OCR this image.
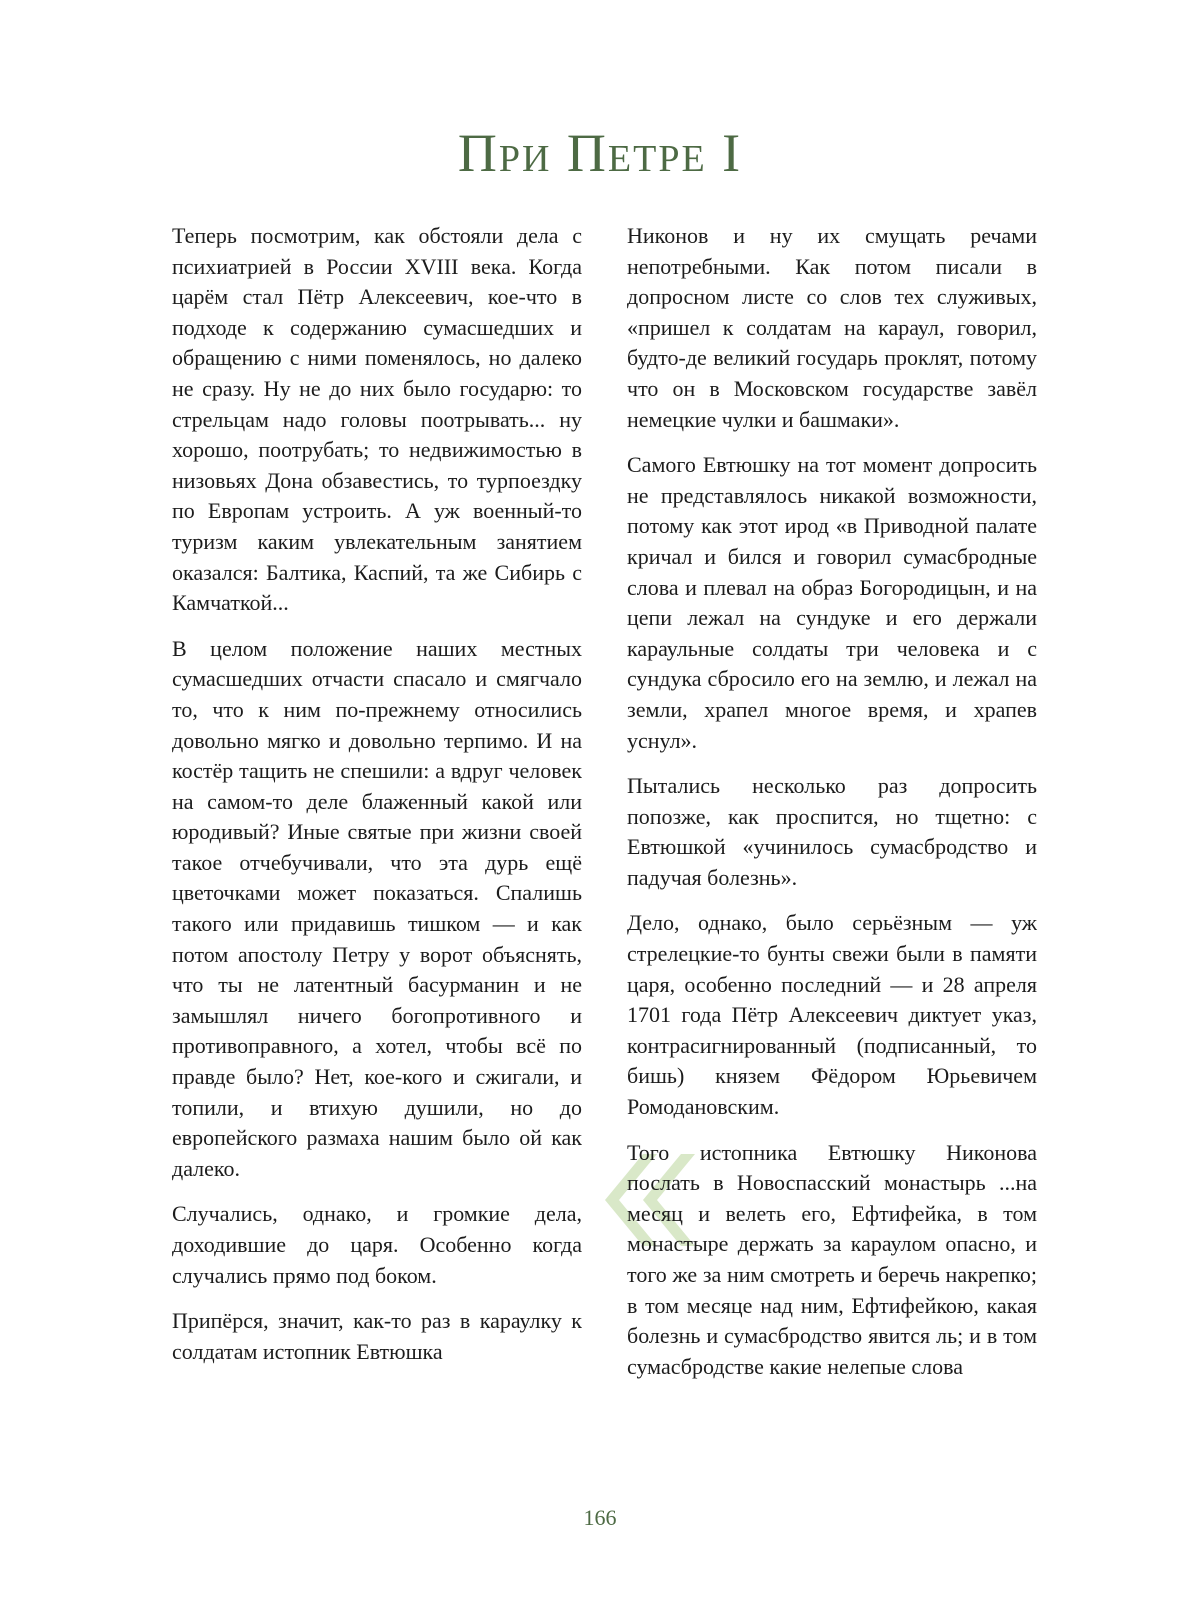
При Петре I

Теперь посмотрим, как обстояли дела с психиатрией в России XVIII века. Когда царём стал Пётр Алексеевич, кое-что в подходе к содержанию сумасшедших и обращению с ними поменялось, но далеко не сразу. Ну не до них было государю: то стрельцам надо головы поотрывать... ну хорошо, поотрубать; то недвижимостью в низовьях Дона обзавестись, то турпоездку по Европам устроить. А уж военный-то туризм каким увлекательным занятием оказался: Балтика, Каспий, та же Сибирь с Камчаткой...

В целом положение наших местных сумасшедших отчасти спасало и смягчало то, что к ним по-прежнему относились довольно мягко и довольно терпимо. И на костёр тащить не спешили: а вдруг человек на самом-то деле блаженный какой или юродивый? Иные святые при жизни своей такое отчебучивали, что эта дурь ещё цветочками может показаться. Спалишь такого или придавишь тишком — и как потом апостолу Петру у ворот объяснять, что ты не латентный басурманин и не замышлял ничего богопротивного и противоправного, а хотел, чтобы всё по правде было? Нет, кое-кого и сжигали, и топили, и втихую душили, но до европейского размаха нашим было ой как далеко.

Случались, однако, и громкие дела, доходившие до царя. Особенно когда случались прямо под боком.

Припёрся, значит, как-то раз в караулку к солдатам истопник Евтюшка

Никонов и ну их смущать речами непотребными. Как потом писали в допросном листе со слов тех служивых, «пришел к солдатам на караул, говорил, будто-де великий государь проклят, потому что он в Московском государстве завёл немецкие чулки и башмаки».

Самого Евтюшку на тот момент допросить не представлялось никакой возможности, потому как этот ирод «в Приводной палате кричал и бился и говорил сумасбродные слова и плевал на образ Богородицын, и на цепи лежал на сундуке и его держали караульные солдаты три человека и с сундука сбросило его на землю, и лежал на земли, храпел многое время, и храпев уснул».

Пытались несколько раз допросить попозже, как проспится, но тщетно: с Евтюшкой «учинилось сумасбродство и падучая болезнь».

Дело, однако, было серьёзным — уж стрелецкие-то бунты свежи были в памяти царя, особенно последний — и 28 апреля 1701 года Пётр Алексеевич диктует указ, контрасигнированный (подписанный, то бишь) князем Фёдором Юрьевичем Ромодановским.

Того истопника Евтюшку Никонова послать в Новоспасский монастырь ...на месяц и велеть его, Ефтифейка, в том монастыре держать за караулом опасно, и того же за ним смотреть и беречь накрепко; в том месяце над ним, Ефтифейкою, какая болезнь и сумасбродство явится ль; и в том сумасбродстве какие нелепые слова

166
